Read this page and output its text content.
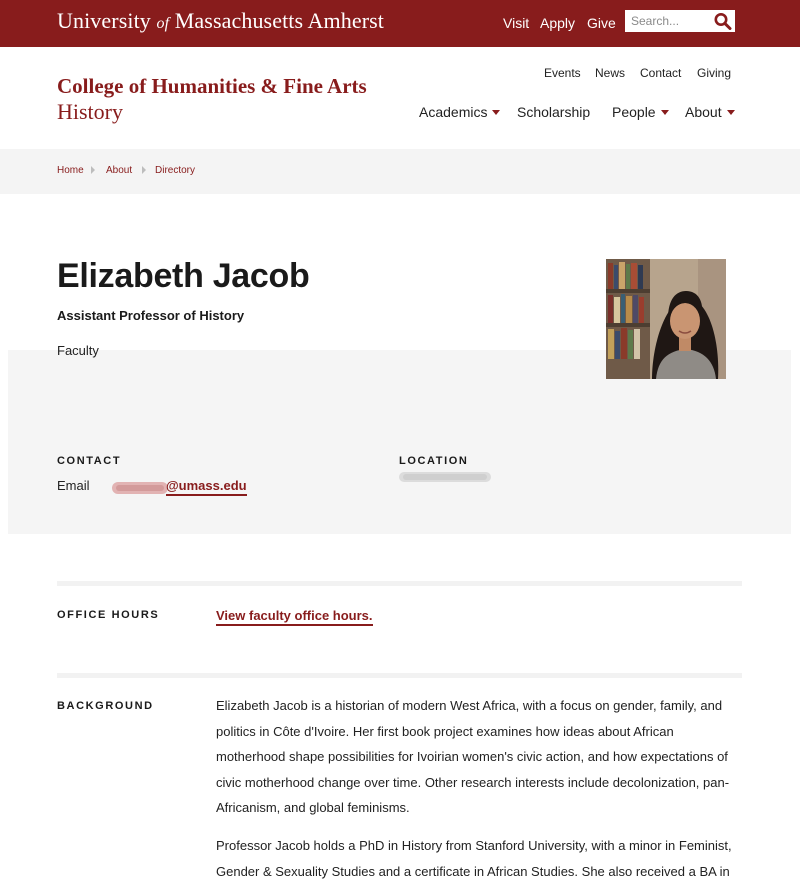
University of Massachusetts Amherst	Visit Apply Give
Search...
College of Humanities & Fine Arts
History
Events News Contact Giving
Academics	Scholarship People	About
Home About Directory
Elizabeth Jacob
Assistant Professor of History
Faculty
CONTACT
Email	@umass.edu
LOCATION
OFFICE HOURS	View faculty office hours.
BACKGROUND	Elizabeth Jacob is a historian of modern West Africa, with a focus on gender, family, and
politics in Côte d'Ivoire. Her first book project examines how ideas about African
motherhood shape possibilities for Ivoirian women's civic action, and how expectations of
civic motherhood change over time. Other research interests include decolonization, pan-
Africanism, and global feminisms.
Professor Jacob holds a PhD in History from Stanford University, with a minor in Feminist,
Gender & Sexuality Studies and a certificate in African Studies. She also received a BA in
